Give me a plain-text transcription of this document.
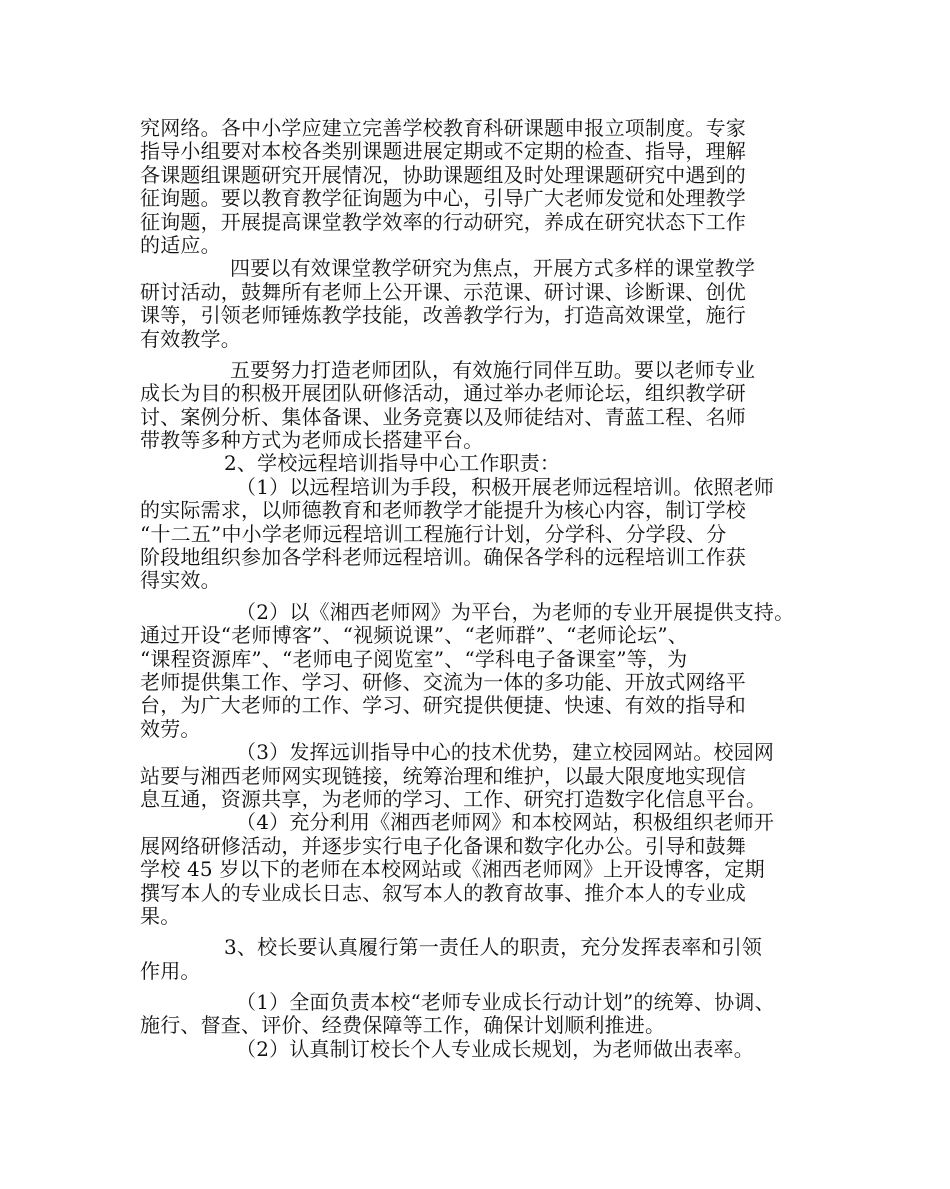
究网络。各中小学应建立完善学校教育科研课题申报立项制度。专家
指导小组要对本校各类别课题进展定期或不定期的检查、指导，理解
各课题组课题研究开展情况，协助课题组及时处理课题研究中遇到的
征询题。要以教育教学征询题为中心，引导广大老师发觉和处理教学
征询题，开展提高课堂教学效率的行动研究，养成在研究状态下工作
的适应。
四要以有效课堂教学研究为焦点，开展方式多样的课堂教学
研讨活动，鼓舞所有老师上公开课、示范课、研讨课、诊断课、创优
课等，引领老师锤炼教学技能，改善教学行为，打造高效课堂，施行
有效教学。
五要努力打造老师团队，有效施行同伴互助。要以老师专业
成长为目的积极开展团队研修活动，通过举办老师论坛，组织教学研
讨、案例分析、集体备课、业务竞赛以及师徒结对、青蓝工程、名师
带教等多种方式为老师成长搭建平台。
2、学校远程培训指导中心工作职责：
（1）以远程培训为手段，积极开展老师远程培训。依照老师
的实际需求，以师德教育和老师教学才能提升为核心内容，制订学校
“十二五”中小学老师远程培训工程施行计划，分学科、分学段、分
阶段地组织参加各学科老师远程培训。确保各学科的远程培训工作获
得实效。
（2）以《湘西老师网》为平台，为老师的专业开展提供支持。
通过开设“老师博客”、“视频说课”、“老师群”、“老师论坛”、
“课程资源库”、“老师电子阅览室”、“学科电子备课室”等，为
老师提供集工作、学习、研修、交流为一体的多功能、开放式网络平
台，为广大老师的工作、学习、研究提供便捷、快速、有效的指导和
效劳。
（3）发挥远训指导中心的技术优势，建立校园网站。校园网
站要与湘西老师网实现链接，统筹治理和维护，以最大限度地实现信
息互通，资源共享，为老师的学习、工作、研究打造数字化信息平台。
（4）充分利用《湘西老师网》和本校网站，积极组织老师开
展网络研修活动，并逐步实行电子化备课和数字化办公。引导和鼓舞
学校 45 岁以下的老师在本校网站或《湘西老师网》上开设博客，定期
撰写本人的专业成长日志、叙写本人的教育故事、推介本人的专业成
果。
3、校长要认真履行第一责任人的职责，充分发挥表率和引领
作用。
（1）全面负责本校“老师专业成长行动计划”的统筹、协调、
施行、督查、评价、经费保障等工作，确保计划顺利推进。
（2）认真制订校长个人专业成长规划，为老师做出表率。
